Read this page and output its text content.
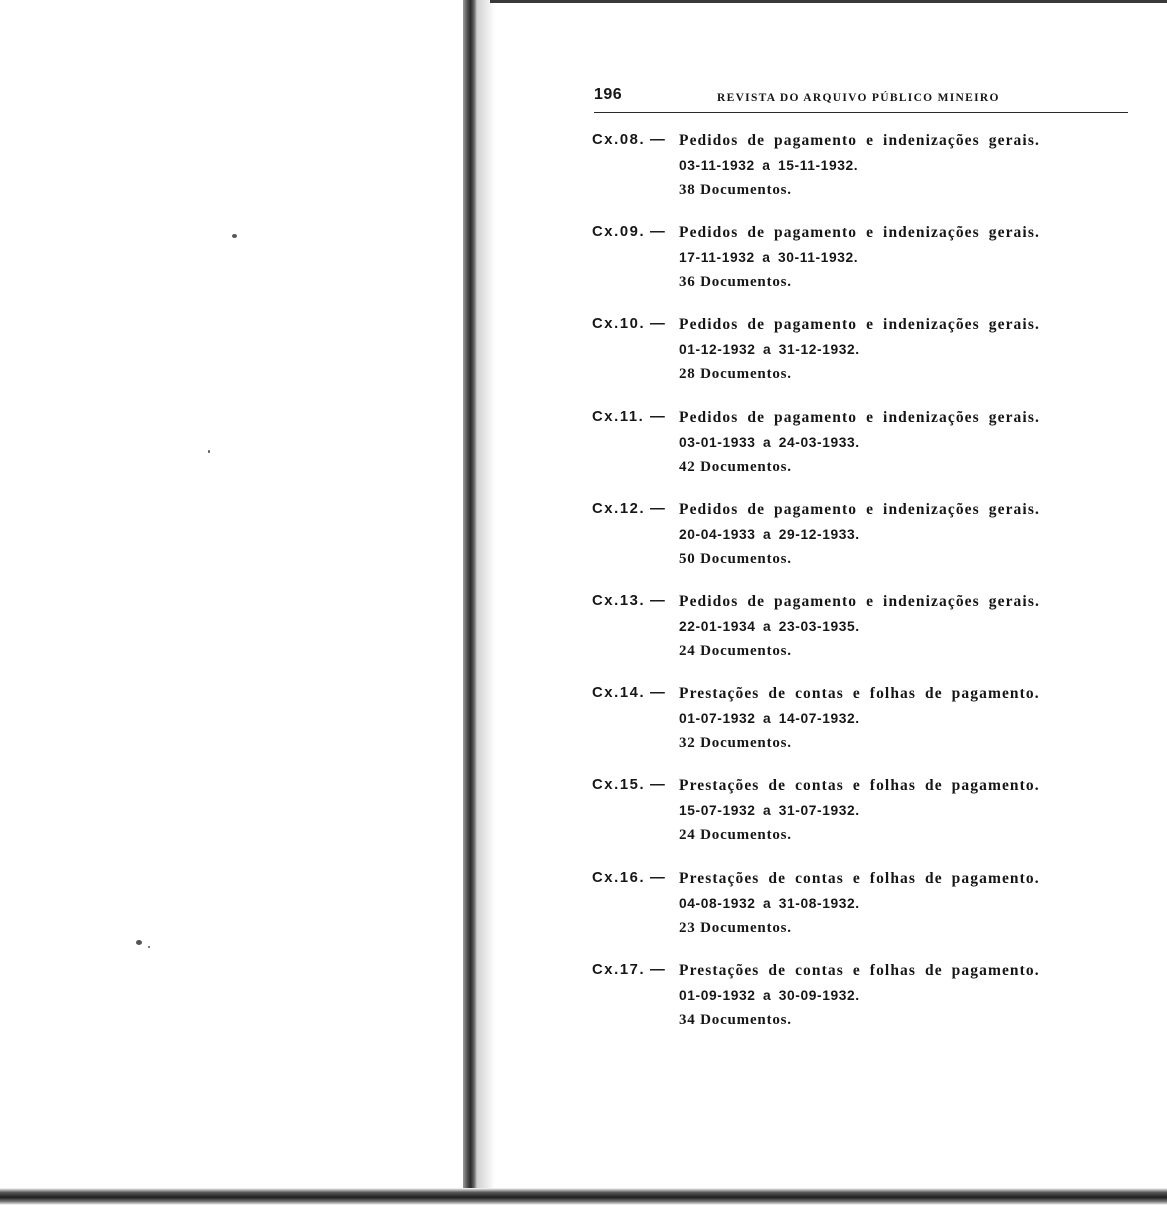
196	REVISTA DO ARQUIVO PÚBLICO MINEIRO
Cx.08. — Pedidos de pagamento e indenizações gerais.
03-11-1932 a 15-11-1932.
38 Documentos.
Cx.09. — Pedidos de pagamento e indenizações gerais.
17-11-1932 a 30-11-1932.
36 Documentos.
Cx.10. — Pedidos de pagamento e indenizações gerais.
01-12-1932 a 31-12-1932.
28 Documentos.
Cx.11. — Pedidos de pagamento e indenizações gerais.
03-01-1933 a 24-03-1933.
42 Documentos.
Cx.12. — Pedidos de pagamento e indenizações gerais.
20-04-1933 a 29-12-1933.
50 Documentos.
Cx.13. — Pedidos de pagamento e indenizações gerais.
22-01-1934 a 23-03-1935.
24 Documentos.
Cx.14. — Prestações de contas e folhas de pagamento.
01-07-1932 a 14-07-1932.
32 Documentos.
Cx.15. — Prestações de contas e folhas de pagamento.
15-07-1932 a 31-07-1932.
24 Documentos.
Cx.16. — Prestações de contas e folhas de pagamento.
04-08-1932 a 31-08-1932.
23 Documentos.
Cx.17. — Prestações de contas e folhas de pagamento.
01-09-1932 a 30-09-1932.
34 Documentos.
